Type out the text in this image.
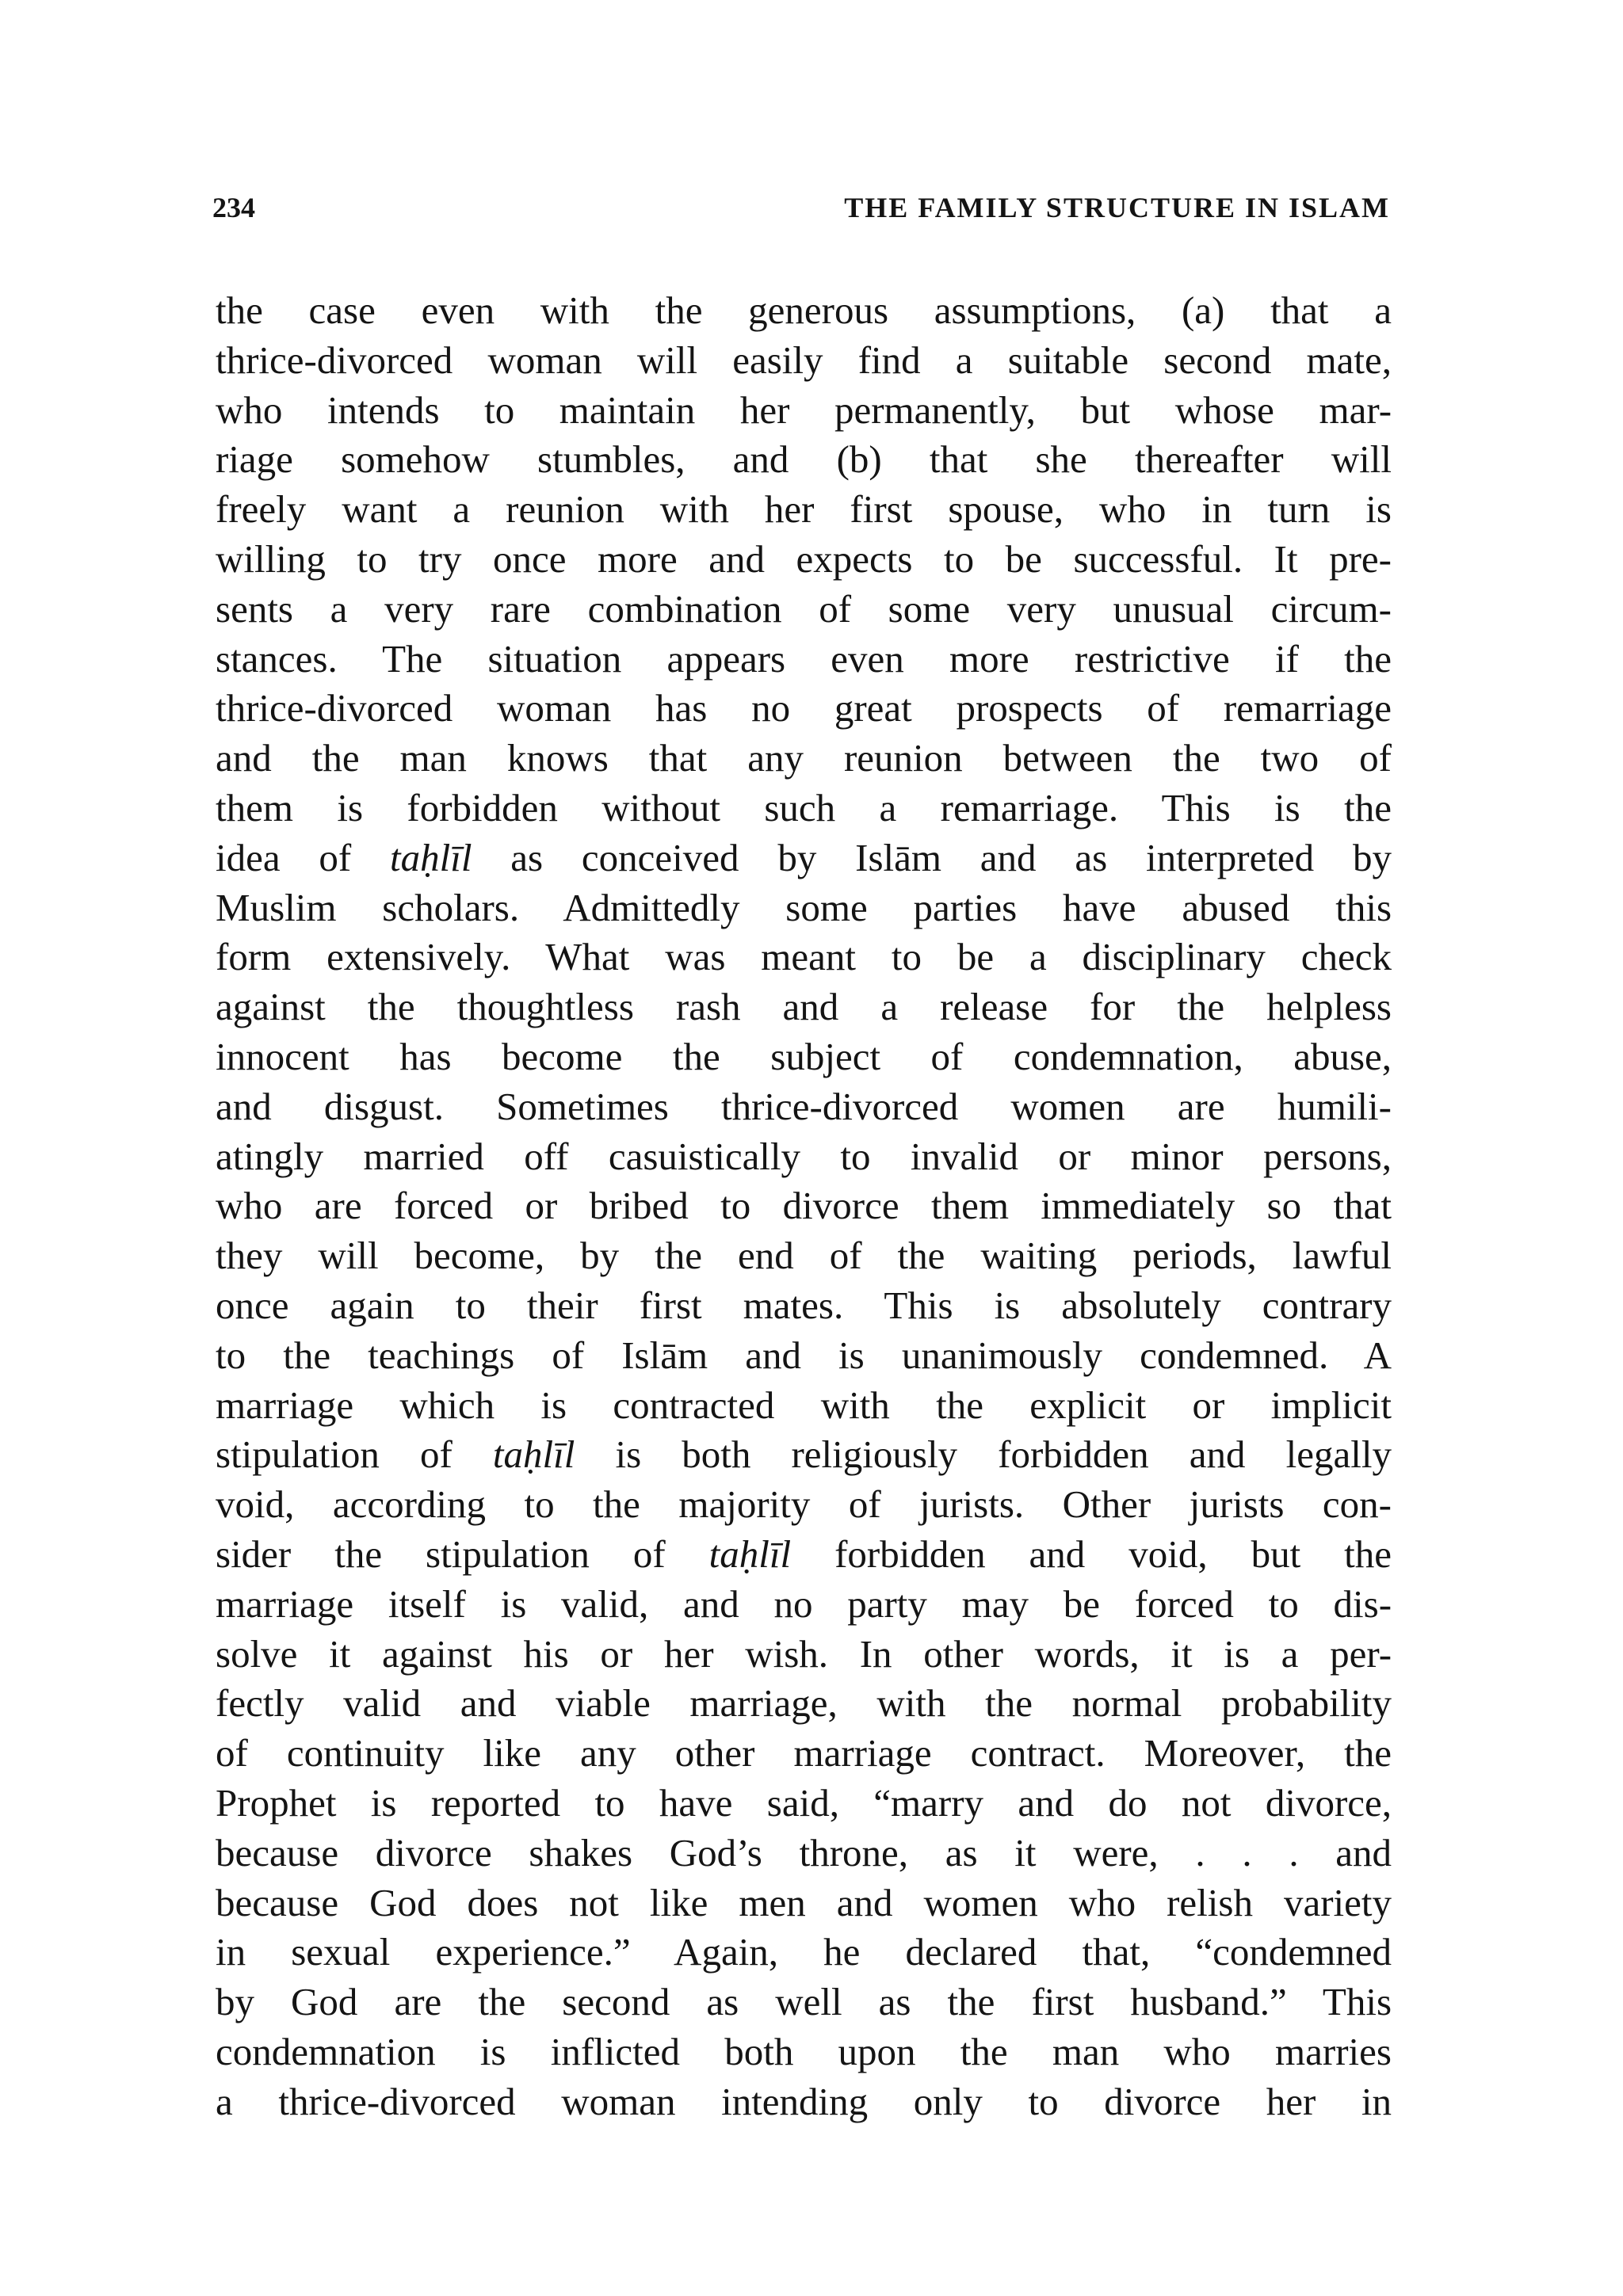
234	THE FAMILY STRUCTURE IN ISLAM
the case even with the generous assumptions, (a) that a
thrice-divorced woman will easily find a suitable second mate,
who intends to maintain her permanently, but whose mar-
riage somehow stumbles, and (b) that she thereafter will
freely want a reunion with her first spouse, who in turn is
willing to try once more and expects to be successful. It pre-
sents a very rare combination of some very unusual circum-
stances. The situation appears even more restrictive if the
thrice-divorced woman has no great prospects of remarriage
and the man knows that any reunion between the two of
them is forbidden without such a remarriage. This is the
idea of taḥlīl as conceived by Islām and as interpreted by
Muslim scholars. Admittedly some parties have abused this
form extensively. What was meant to be a disciplinary check
against the thoughtless rash and a release for the helpless
innocent has become the subject of condemnation, abuse,
and disgust. Sometimes thrice-divorced women are humili-
atingly married off casuistically to invalid or minor persons,
who are forced or bribed to divorce them immediately so that
they will become, by the end of the waiting periods, lawful
once again to their first mates. This is absolutely contrary
to the teachings of Islām and is unanimously condemned. A
marriage which is contracted with the explicit or implicit
stipulation of taḥlīl is both religiously forbidden and legally
void, according to the majority of jurists. Other jurists con-
sider the stipulation of taḥlīl forbidden and void, but the
marriage itself is valid, and no party may be forced to dis-
solve it against his or her wish. In other words, it is a per-
fectly valid and viable marriage, with the normal probability
of continuity like any other marriage contract. Moreover, the
Prophet is reported to have said, “marry and do not divorce,
because divorce shakes God’s throne, as it were, . . . and
because God does not like men and women who relish variety
in sexual experience.” Again, he declared that, “condemned
by God are the second as well as the first husband.” This
condemnation is inflicted both upon the man who marries
a thrice-divorced woman intending only to divorce her in
